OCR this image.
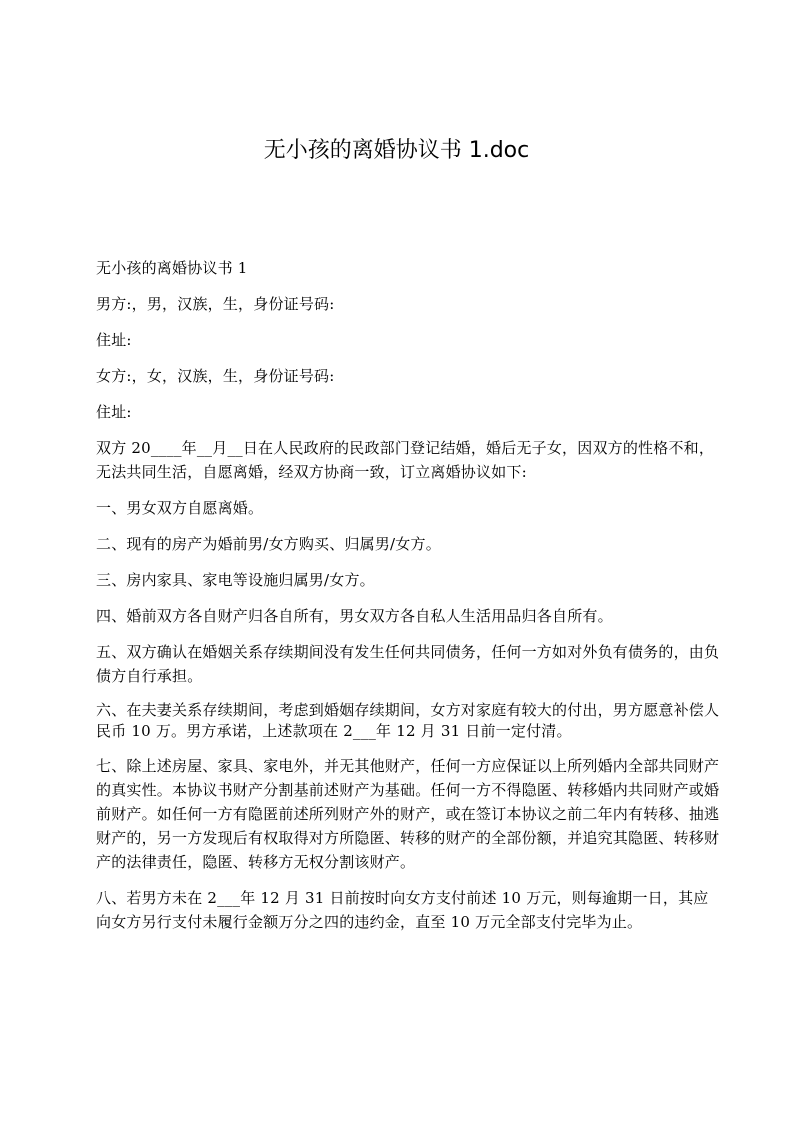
无小孩的离婚协议书 1.doc

无小孩的离婚协议书 1

男方:，男，汉族，生，身份证号码:

住址:

女方:，女，汉族，生，身份证号码:

住址:

双方 20____年__月__日在人民政府的民政部门登记结婚，婚后无子女，因双方的性格不和，无法共同生活，自愿离婚，经双方协商一致，订立离婚协议如下:

一、男女双方自愿离婚。

二、现有的房产为婚前男/女方购买、归属男/女方。

三、房内家具、家电等设施归属男/女方。

四、婚前双方各自财产归各自所有，男女双方各自私人生活用品归各自所有。

五、双方确认在婚姻关系存续期间没有发生任何共同债务，任何一方如对外负有债务的，由负债方自行承担。

六、在夫妻关系存续期间，考虑到婚姻存续期间，女方对家庭有较大的付出，男方愿意补偿人民币 10 万。男方承诺，上述款项在 2___年 12 月 31 日前一定付清。

七、除上述房屋、家具、家电外，并无其他财产，任何一方应保证以上所列婚内全部共同财产的真实性。本协议书财产分割基前述财产为基础。任何一方不得隐匿、转移婚内共同财产或婚前财产。如任何一方有隐匿前述所列财产外的财产，或在签订本协议之前二年内有转移、抽逃财产的，另一方发现后有权取得对方所隐匿、转移的财产的全部份额，并追究其隐匿、转移财产的法律责任，隐匿、转移方无权分割该财产。

八、若男方未在 2___年 12 月 31 日前按时向女方支付前述 10 万元，则每逾期一日，其应向女方另行支付未履行金额万分之四的违约金，直至 10 万元全部支付完毕为止。
